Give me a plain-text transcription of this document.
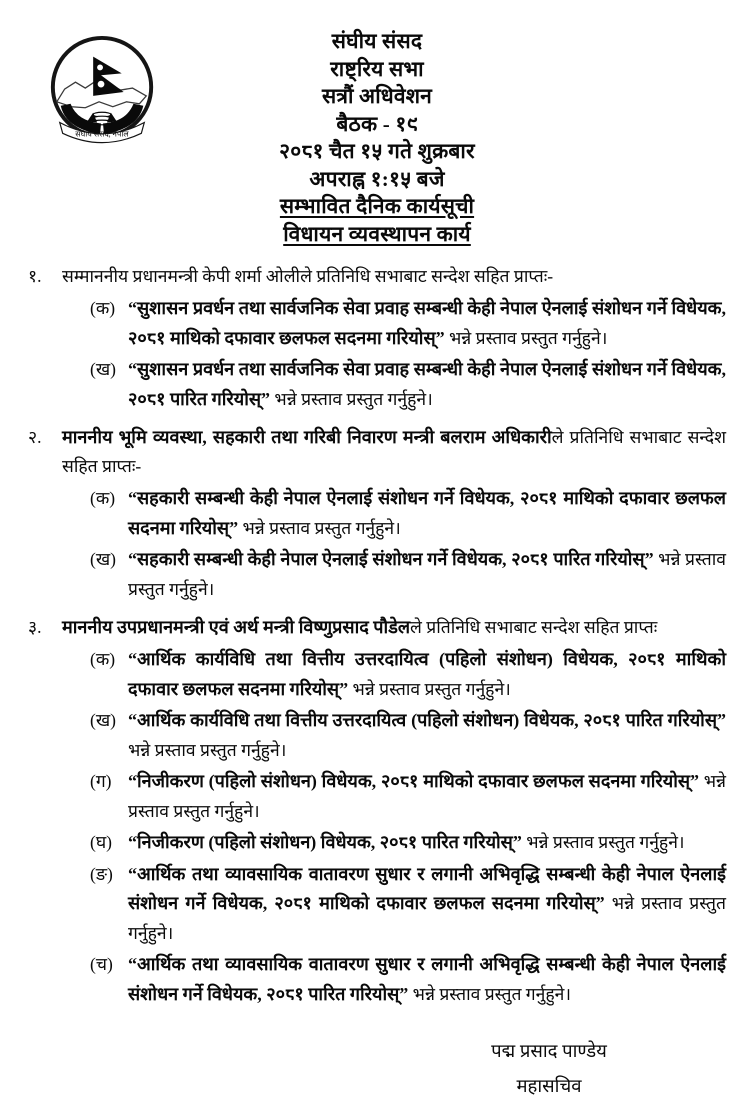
संघीय संसद, नेपाल
संघीय संसद
राष्ट्रिय सभा
सत्रौं अधिवेशन
बैठक - १९
२०८१ चैत १५ गते शुक्रबार
अपराह्न १:१५ बजे
सम्भावित दैनिक कार्यसूची
विधायन व्यवस्थापन कार्य
१.	सम्माननीय प्रधानमन्त्री केपी शर्मा ओलीले प्रतिनिधि सभाबाट सन्देश सहित प्राप्तः-
(क) “सुशासन प्रवर्धन तथा सार्वजनिक सेवा प्रवाह सम्बन्धी केही नेपाल ऐनलाई संशोधन गर्ने विधेयक, २०८१ माथिको दफावार छलफल सदनमा गरियोस्” भन्ने प्रस्ताव प्रस्तुत गर्नुहुने।
(ख) “सुशासन प्रवर्धन तथा सार्वजनिक सेवा प्रवाह सम्बन्धी केही नेपाल ऐनलाई संशोधन गर्ने विधेयक, २०८१ पारित गरियोस्” भन्ने प्रस्ताव प्रस्तुत गर्नुहुने।
२.	माननीय भूमि व्यवस्था, सहकारी तथा गरिबी निवारण मन्त्री बलराम अधिकारीले प्रतिनिधि सभाबाट सन्देश सहित प्राप्तः-
(क) “सहकारी सम्बन्धी केही नेपाल ऐनलाई संशोधन गर्ने विधेयक, २०८१ माथिको दफावार छलफल सदनमा गरियोस्” भन्ने प्रस्ताव प्रस्तुत गर्नुहुने।
(ख) “सहकारी सम्बन्धी केही नेपाल ऐनलाई संशोधन गर्ने विधेयक, २०८१ पारित गरियोस्” भन्ने प्रस्ताव प्रस्तुत गर्नुहुने।
३.	माननीय उपप्रधानमन्त्री एवं अर्थ मन्त्री विष्णुप्रसाद पौडेलले प्रतिनिधि सभाबाट सन्देश सहित प्राप्तः
(क) “आर्थिक कार्यविधि तथा वित्तीय उत्तरदायित्व (पहिलो संशोधन) विधेयक, २०८१ माथिको दफावार छलफल सदनमा गरियोस्” भन्ने प्रस्ताव प्रस्तुत गर्नुहुने।
(ख) “आर्थिक कार्यविधि तथा वित्तीय उत्तरदायित्व (पहिलो संशोधन) विधेयक, २०८१ पारित गरियोस्” भन्ने प्रस्ताव प्रस्तुत गर्नुहुने।
(ग) “निजीकरण (पहिलो संशोधन) विधेयक, २०८१ माथिको दफावार छलफल सदनमा गरियोस्” भन्ने प्रस्ताव प्रस्तुत गर्नुहुने।
(घ) “निजीकरण (पहिलो संशोधन) विधेयक, २०८१ पारित गरियोस्” भन्ने प्रस्ताव प्रस्तुत गर्नुहुने।
(ङ) “आर्थिक तथा व्यावसायिक वातावरण सुधार र लगानी अभिवृद्धि सम्बन्धी केही नेपाल ऐनलाई संशोधन गर्ने विधेयक, २०८१ माथिको दफावार छलफल सदनमा गरियोस्” भन्ने प्रस्ताव प्रस्तुत गर्नुहुने।
(च) “आर्थिक तथा व्यावसायिक वातावरण सुधार र लगानी अभिवृद्धि सम्बन्धी केही नेपाल ऐनलाई संशोधन गर्ने विधेयक, २०८१ पारित गरियोस्” भन्ने प्रस्ताव प्रस्तुत गर्नुहुने।
पद्म प्रसाद पाण्डेय
महासचिव
